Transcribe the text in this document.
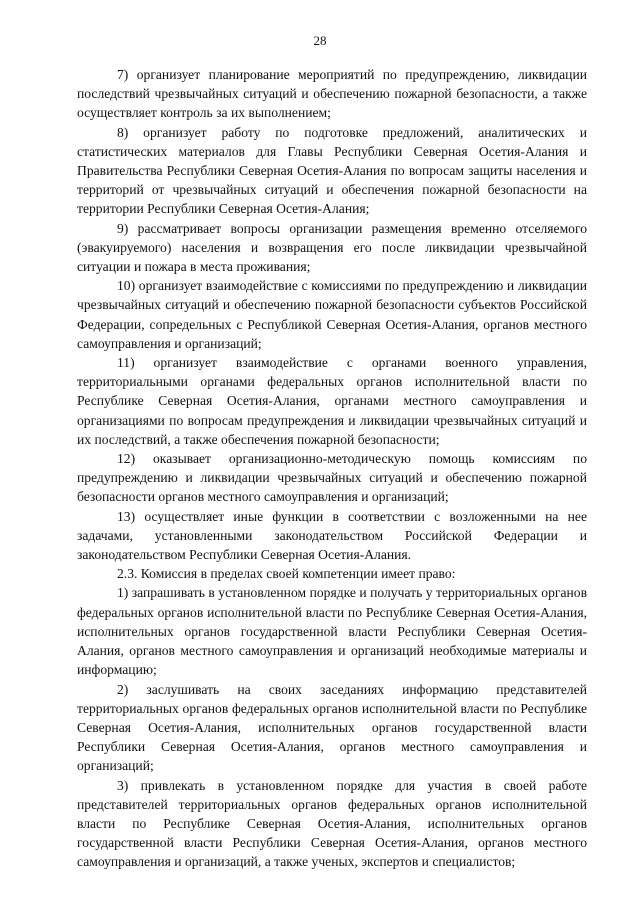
28

7) организует планирование мероприятий по предупреждению, ликвидации последствий чрезвычайных ситуаций и обеспечению пожарной безопасности, а также осуществляет контроль за их выполнением;

8) организует работу по подготовке предложений, аналитических и статистических материалов для Главы Республики Северная Осетия-Алания и Правительства Республики Северная Осетия-Алания по вопросам защиты населения и территорий от чрезвычайных ситуаций и обеспечения пожарной безопасности на территории Республики Северная Осетия-Алания;

9) рассматривает вопросы организации размещения временно отселяемого (эвакуируемого) населения и возвращения его после ликвидации чрезвычайной ситуации и пожара в места проживания;

10) организует взаимодействие с комиссиями по предупреждению и ликвидации чрезвычайных ситуаций и обеспечению пожарной безопасности субъектов Российской Федерации, сопредельных с Республикой Северная Осетия-Алания, органов местного самоуправления и организаций;

11) организует взаимодействие с органами военного управления, территориальными органами федеральных органов исполнительной власти по Республике Северная Осетия-Алания, органами местного самоуправления и организациями по вопросам предупреждения и ликвидации чрезвычайных ситуаций и их последствий, а также обеспечения пожарной безопасности;

12) оказывает организационно-методическую помощь комиссиям по предупреждению и ликвидации чрезвычайных ситуаций и обеспечению пожарной безопасности органов местного самоуправления и организаций;

13) осуществляет иные функции в соответствии с возложенными на нее задачами, установленными законодательством Российской Федерации и законодательством Республики Северная Осетия-Алания.

2.3. Комиссия в пределах своей компетенции имеет право:

1) запрашивать в установленном порядке и получать у территориальных органов федеральных органов исполнительной власти по Республике Северная Осетия-Алания, исполнительных органов государственной власти Республики Северная Осетия-Алания, органов местного самоуправления и организаций необходимые материалы и информацию;

2) заслушивать на своих заседаниях информацию представителей территориальных органов федеральных органов исполнительной власти по Республике Северная Осетия-Алания, исполнительных органов государственной власти Республики Северная Осетия-Алания, органов местного самоуправления и организаций;

3) привлекать в установленном порядке для участия в своей работе представителей территориальных органов федеральных органов исполнительной власти по Республике Северная Осетия-Алания, исполнительных органов государственной власти Республики Северная Осетия-Алания, органов местного самоуправления и организаций, а также ученых, экспертов и специалистов;
